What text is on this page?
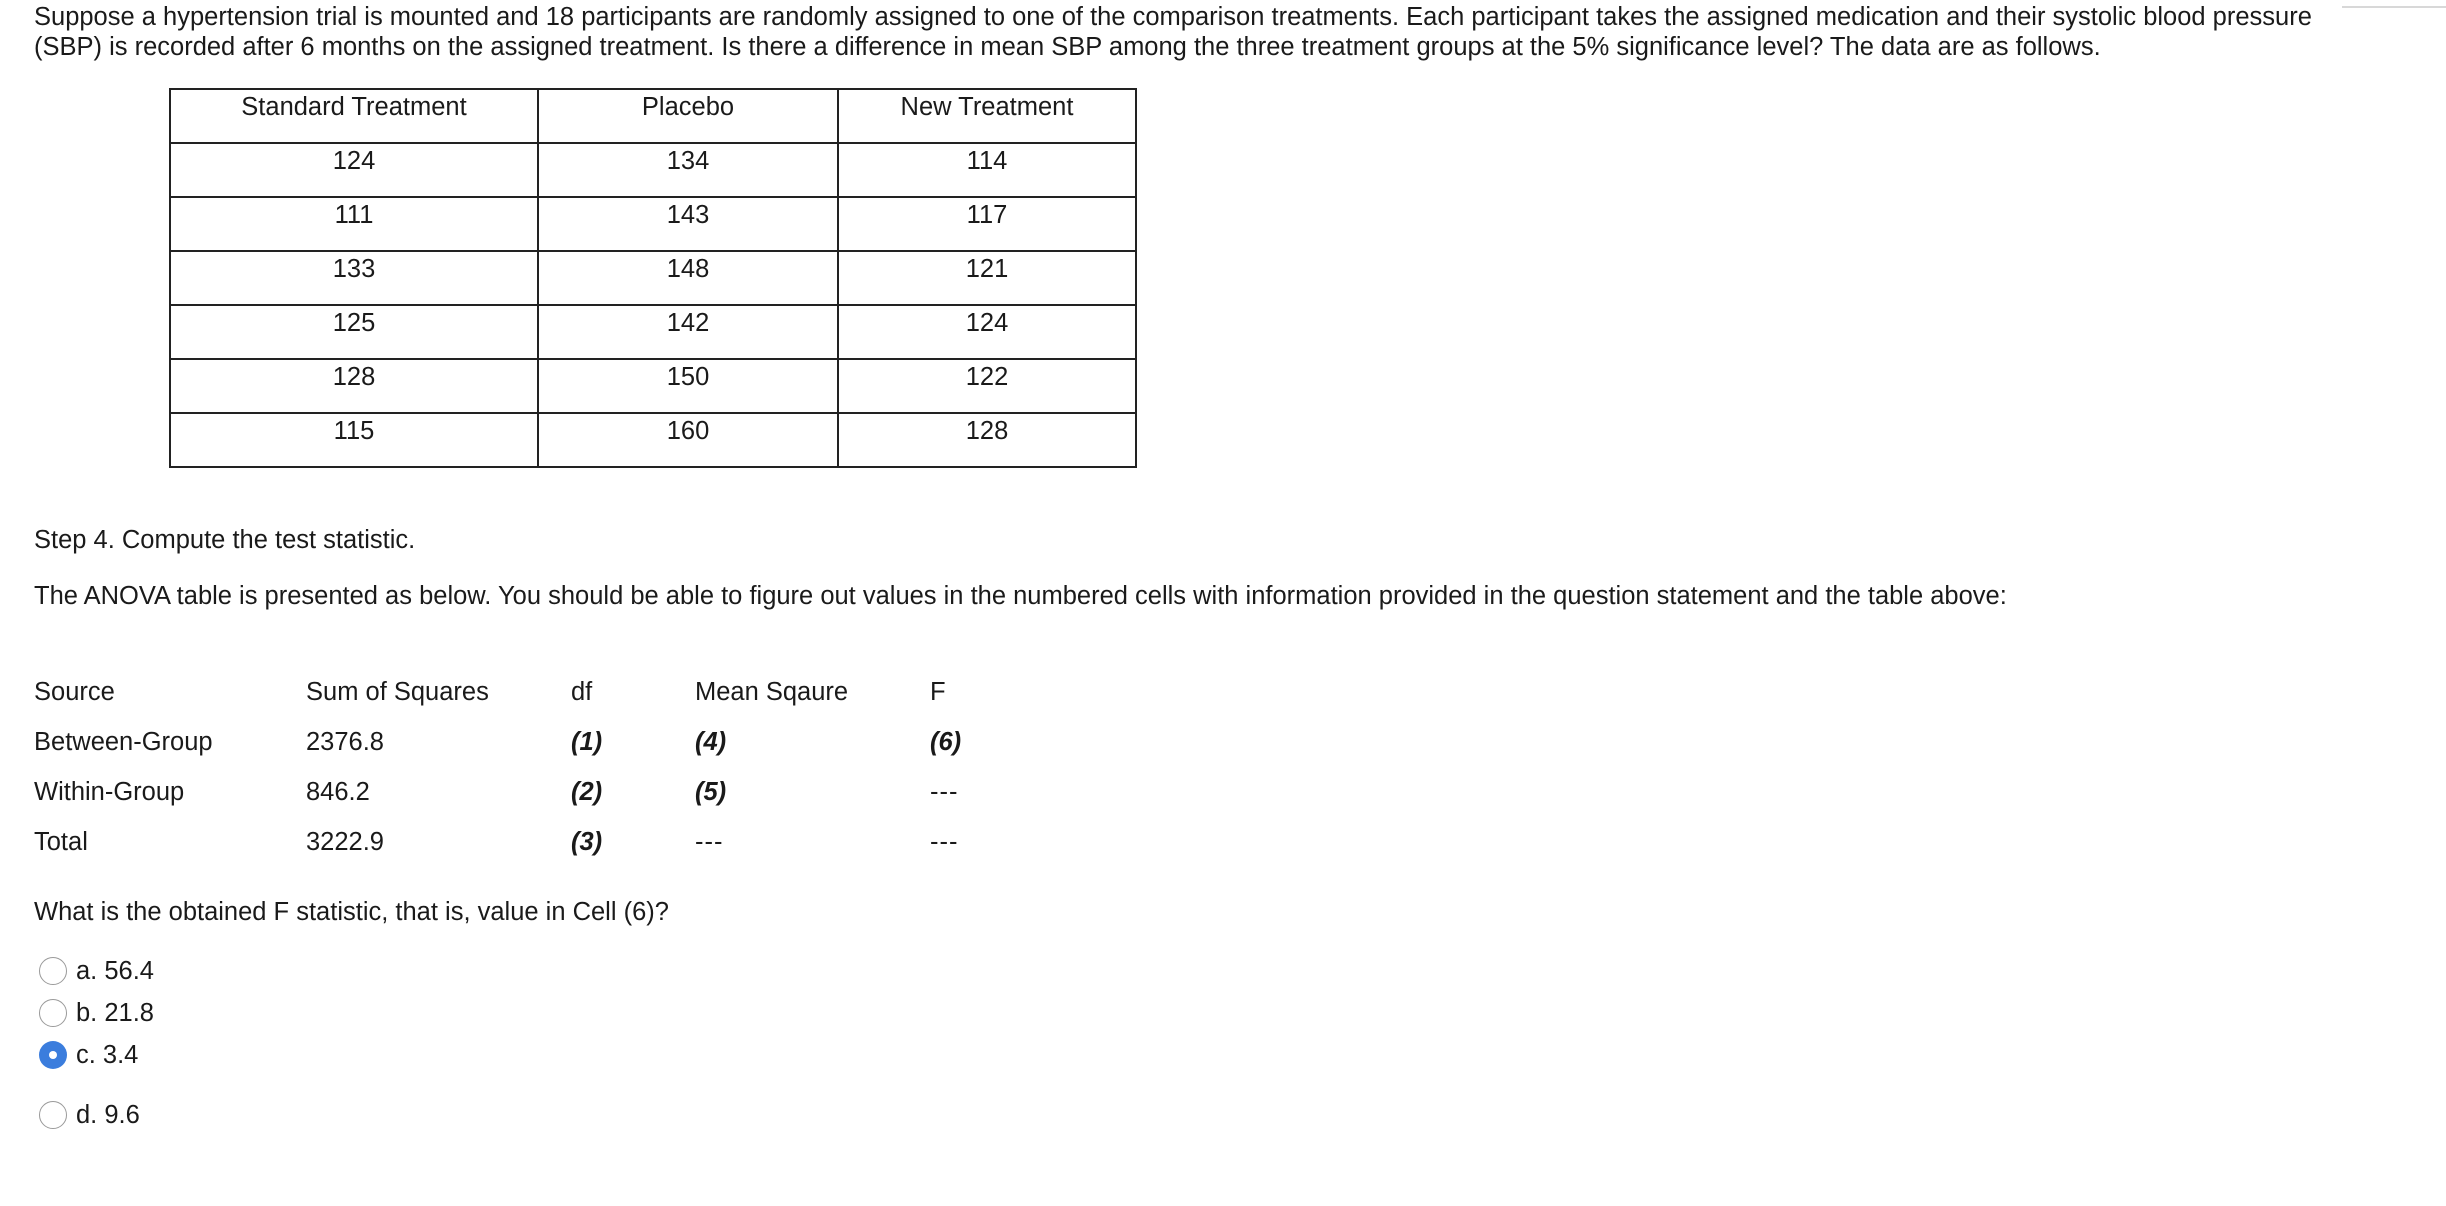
Suppose a hypertension trial is mounted and 18 participants are randomly assigned to one of the comparison treatments. Each participant takes the assigned medication and their systolic blood pressure
(SBP) is recorded after 6 months on the assigned treatment. Is there a difference in mean SBP among the three treatment groups at the 5% significance level? The data are as follows.
Standard Treatment	Placebo	New Treatment
124	134	114
111	143	117
133	148	121
125	142	124
128	150	122
115	160	128
Step 4. Compute the test statistic.
The ANOVA table is presented as below. You should be able to figure out values in the numbered cells with information provided in the question statement and the table above:
Source	Sum of Squares	df	Mean Sqaure	F
Between-Group	2376.8	(1)	(4)	(6)
Within-Group	846.2	(2)	(5)	---
Total	3222.9	(3)	---	---
What is the obtained F statistic, that is, value in Cell (6)?
a. 56.4
b. 21.8
c. 3.4
d. 9.6
